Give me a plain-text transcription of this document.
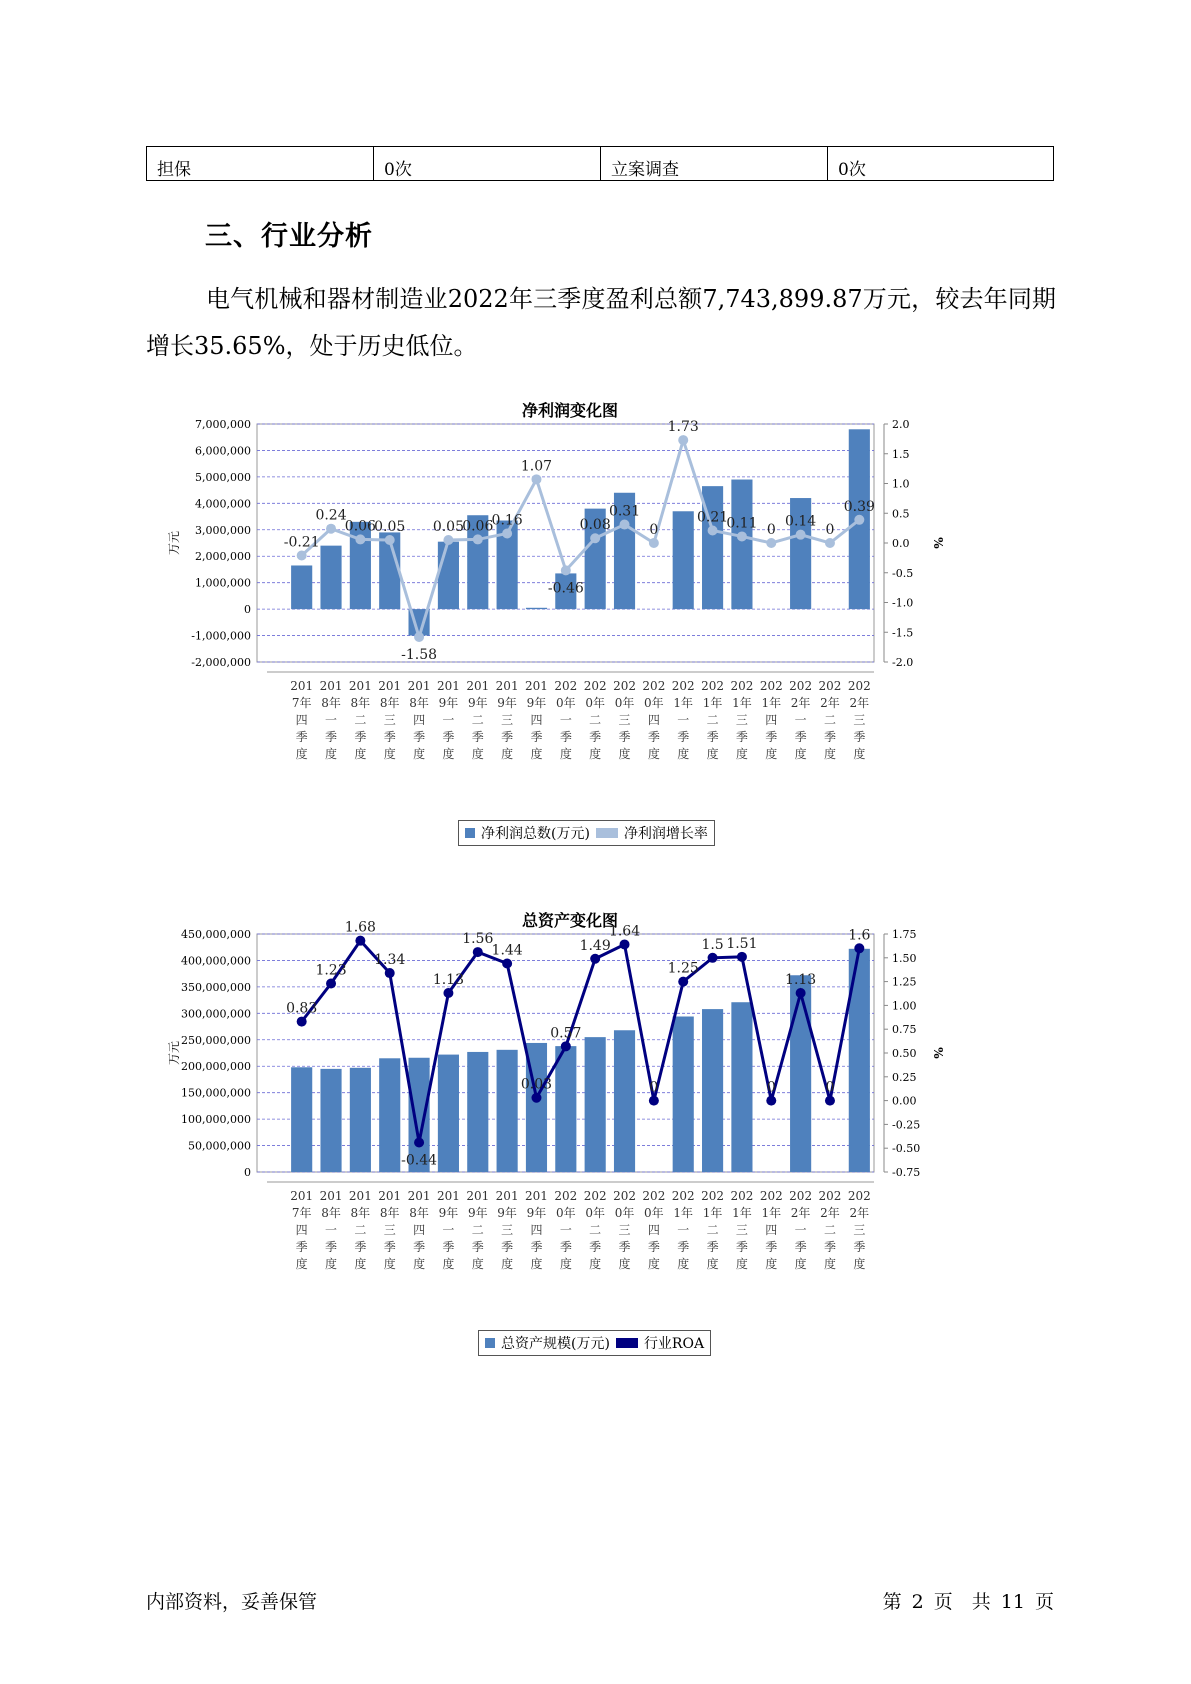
担保	0次	立案调查	0次
三、行业分析

电气机械和器材制造业2022年三季度盈利总额7,743,899.87万元，较去年同期增长35.65%，处于历史低位。

净利润变化图
-2,000,000
-1,000,000
0
1,000,000
2,000,000
3,000,000
4,000,000
5,000,000
6,000,000
7,000,000
-2.0
-1.5
-1.0
-0.5
0.0
0.5
1.0
1.5
2.0
万元	%
201
7年
四
季
度
201
8年
一
季
度
201
8年
二
季
度
201
8年
三
季
度
201
8年
四
季
度
201
9年
一
季
度
201
9年
二
季
度
201
9年
三
季
度
201
9年
四
季
度
202
0年
一
季
度
202
0年
二
季
度
202
0年
三
季
度
202
0年
四
季
度
202
1年
一
季
度
202
1年
二
季
度
202
1年
三
季
度
202
1年
四
季
度
202
2年
一
季
度
202
2年
二
季
度
202
2年
三
季
度
-0.21
0.24
0.06
0.05
-1.58
0.05
0.06
0.16
1.07
-0.46
0.08
0.31
0
1.73
0.21
0.11 0
0.14
0
0.39
净利润总数(万元) 净利润增长率
总资产变化图
0
50,000,000
100,000,000
150,000,000
200,000,000
250,000,000
300,000,000
350,000,000
400,000,000
450,000,000
-0.75
-0.50
-0.25
0.00
0.25
0.50
0.75
1.00
1.25
1.50
1.75
万元	%
201
7年
四
季
度
201
8年
一
季
度
201
8年
二
季
度
201
8年
三
季
度
201
8年
四
季
度
201
9年
一
季
度
201
9年
二
季
度
201
9年
三
季
度
201
9年
四
季
度
202
0年
一
季
度
202
0年
二
季
度
202
0年
三
季
度
202
0年
四
季
度
202
1年
一
季
度
202
1年
二
季
度
202
1年
三
季
度
202
1年
四
季
度
202
2年
一
季
度
202
2年
二
季
度
202
2年
三
季
度
0.83
1.23
1.68
1.34
-0.44
1.13
1.56
1.44
0.03
0.57
1.49
1.64
0
1.25
1.5 1.51
0
1.13
0
1.6
总资产规模(万元) 行业ROA
内部资料，妥善保管	第 2 页　共 11 页
